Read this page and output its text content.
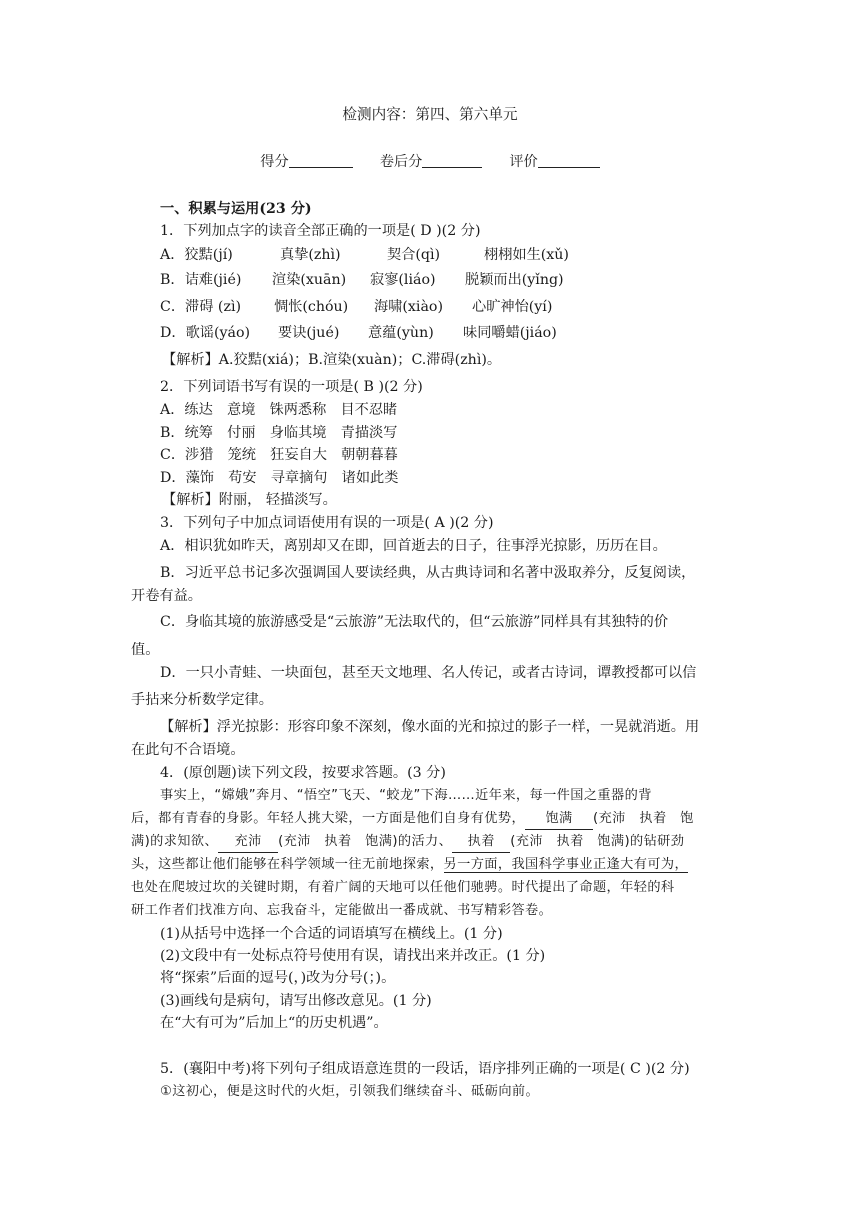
检测内容：第四、第六单元
得分	卷后分	评价
一、积累与运用(23 分)
1．下列加点字的读音全部正确的一项是( D )(2 分)
A．狡黠(jí)	真挚(zhì)	契合(qì)	栩栩如生(xǔ)
B．诘难(jié) 渲染(xuān) 寂寥(liáo) 脱颖而出(yǐng)
C．滞碍 (zì) 惆怅(chóu) 海啸(xiào) 心旷神怡(yí)
D．歌谣(yáo) 要诀(jué) 意蕴(yùn) 味同嚼蜡(jiáo)
【解析】A.狡黠(xiá)；B.渲染(xuàn)；C.滞碍(zhì)。
2．下列词语书写有误的一项是( B )(2 分)
A．练达　意境　铢两悉称　目不忍睹
B．统筹　付丽　身临其境　青描淡写
C．涉猎　笼统　狂妄自大　朝朝暮暮
D．藻饰　苟安　寻章摘句　诸如此类
【解析】附丽， 轻描淡写。
3．下列句子中加点词语使用有误的一项是( A )(2 分)
A．相识犹如昨天，离别却又在即，回首逝去的日子，往事浮光掠影，历历在目。
B．习近平总书记多次强调国人要读经典，从古典诗词和名著中汲取养分，反复阅读，
开卷有益。
C．身临其境的旅游感受是“云旅游”无法取代的，但“云旅游”同样具有其独特的价
值。
D．一只小青蛙、一块面包，甚至天文地理、名人传记，或者古诗词，谭教授都可以信
手拈来分析数学定律。
【解析】浮光掠影：形容印象不深刻，像水面的光和掠过的影子一样，一晃就消逝。用
在此句不合语境。
4．(原创题)读下列文段，按要求答题。(3 分)
事实上，“嫦娥”奔月、“悟空”飞天、“蛟龙”下海……近年来，每一件国之重器的背
后，都有青春的身影。年轻人挑大梁，一方面是他们自身有优势， 饱满 (充沛　执着　饱
满)的求知欲、 充沛 (充沛　执着　饱满)的活力、 执着 (充沛　执着　饱满)的钻研劲
头，这些都让他们能够在科学领域一往无前地探索，另一方面，我国科学事业正逢大有可为，
也处在爬坡过坎的关键时期，有着广阔的天地可以任他们驰骋。时代提出了命题，年轻的科
研工作者们找准方向、忘我奋斗，定能做出一番成就、书写精彩答卷。
(1)从括号中选择一个合适的词语填写在横线上。(1 分)
(2)文段中有一处标点符号使用有误，请找出来并改正。(1 分)
将“探索”后面的逗号(，)改为分号(；)。
(3)画线句是病句，请写出修改意见。(1 分)
在“大有可为”后加上“的历史机遇”。
5．(襄阳中考)将下列句子组成语意连贯的一段话，语序排列正确的一项是( C )(2 分)
①这初心，便是这时代的火炬，引领我们继续奋斗、砥砺向前。
